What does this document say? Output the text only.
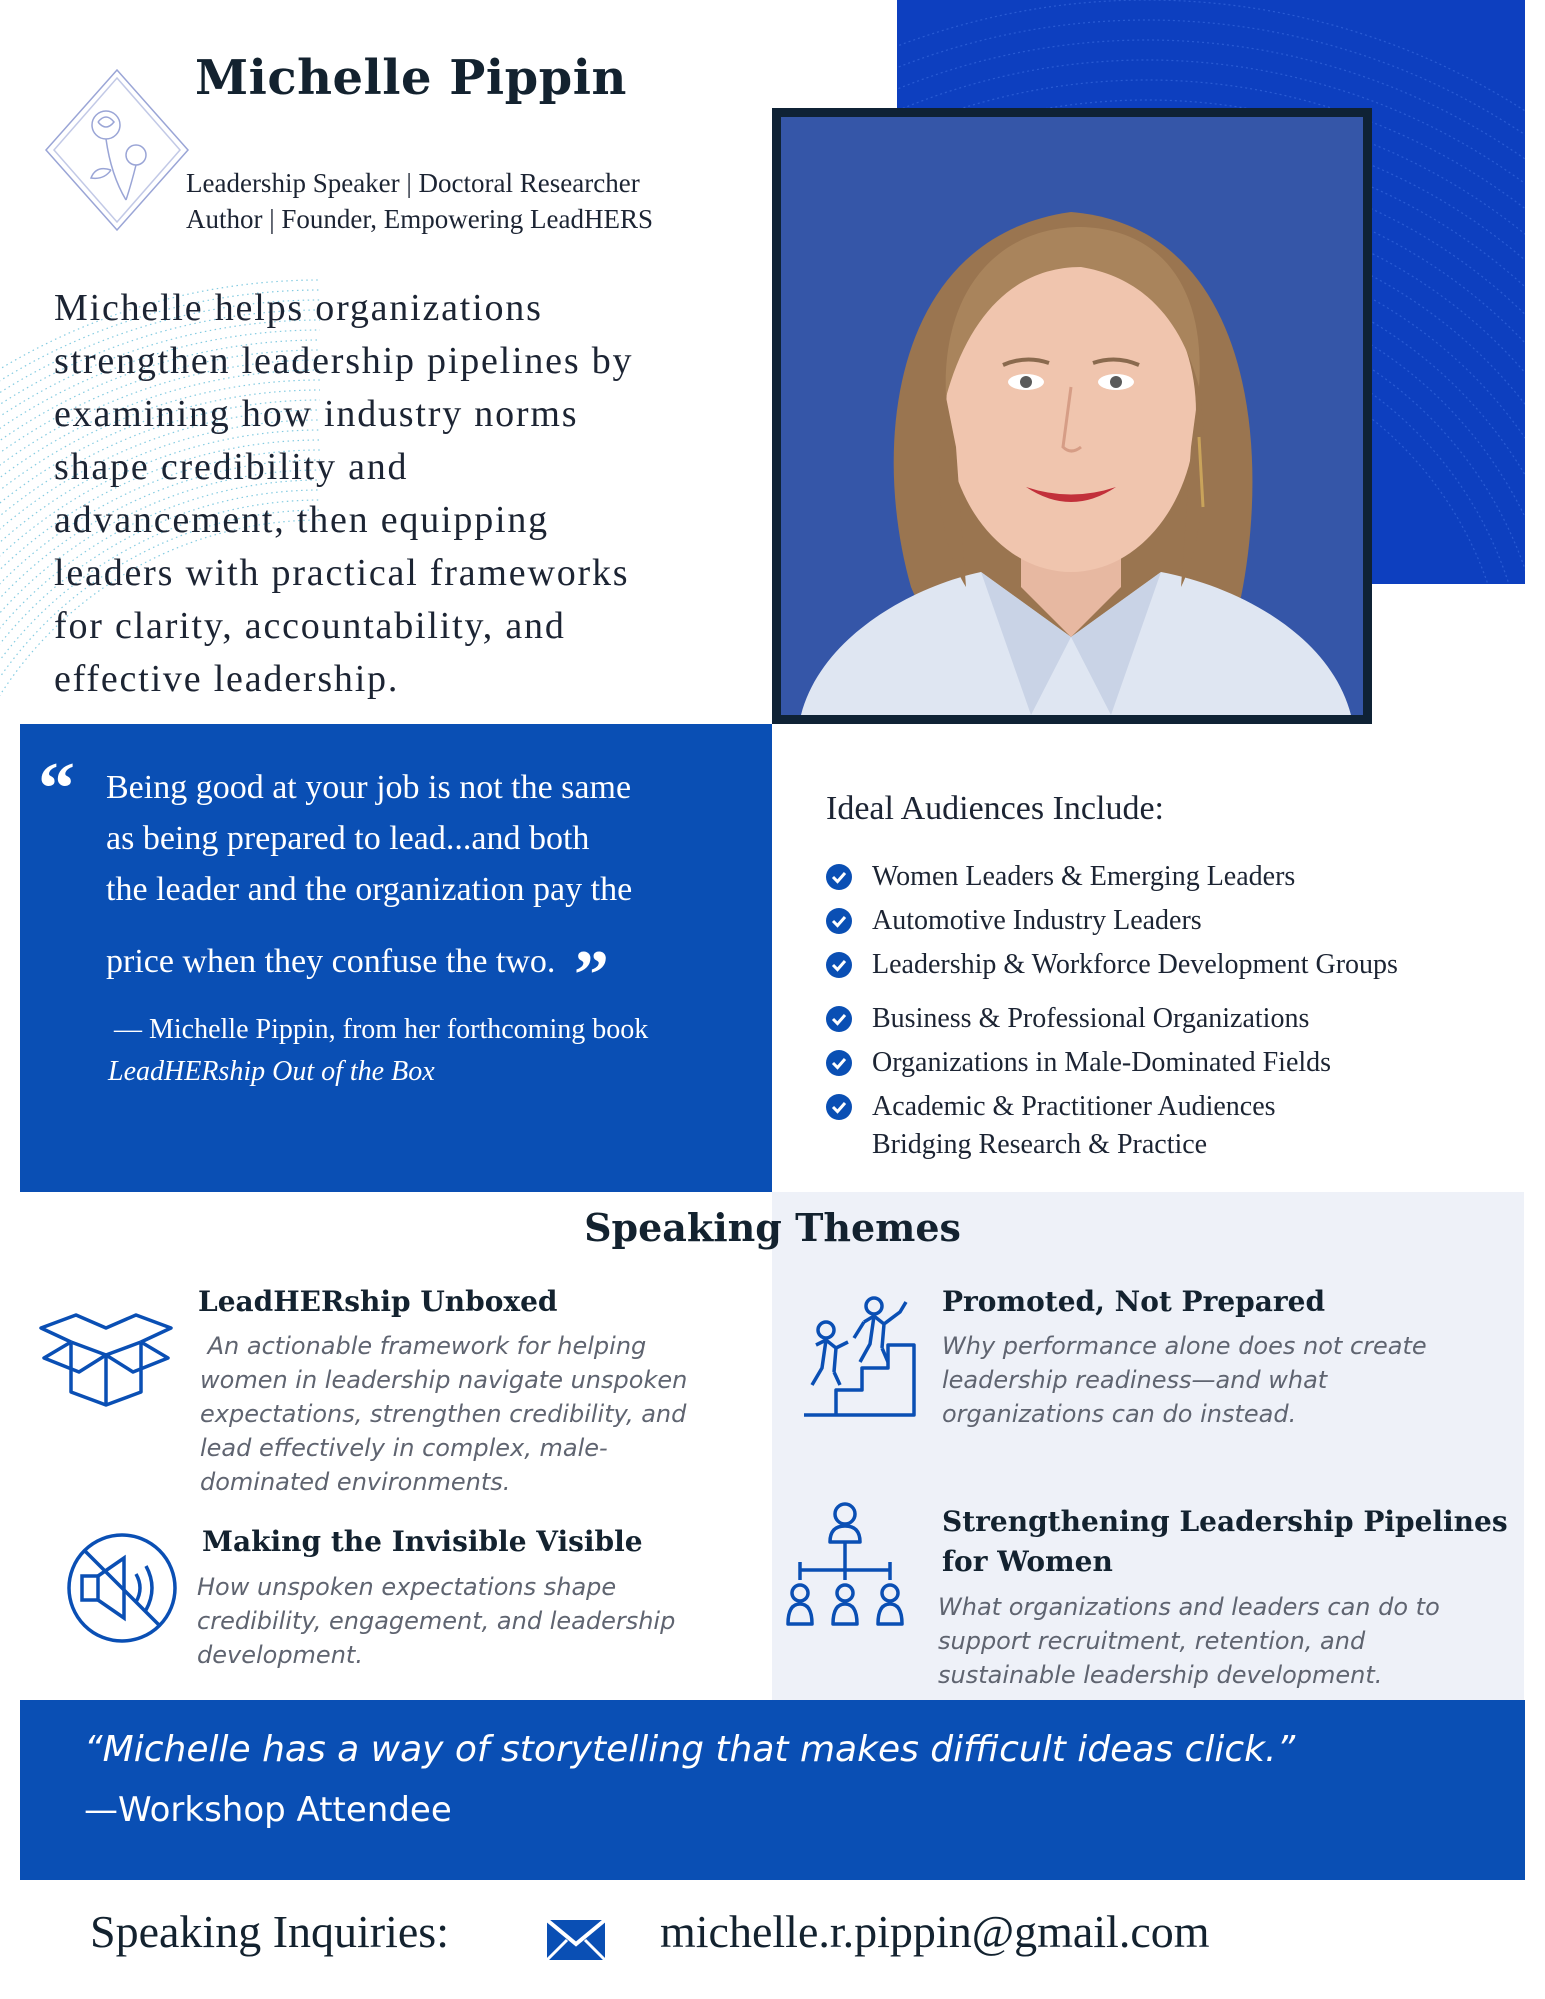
Michelle Pippin
Leadership Speaker | Doctoral Researcher
Author | Founder, Empowering LeadHERS
Michelle helps organizations
strengthen leadership pipelines by
examining how industry norms
shape credibility and
advancement, then equipping
leaders with practical frameworks
for clarity, accountability, and
effective leadership.
“ Being good at your job is not the same
as being prepared to lead...and both
the leader and the organization pay the
price when they confuse the two. ”
— Michelle Pippin, from her forthcoming book
LeadHERship Out of the Box
Ideal Audiences Include:
Women Leaders & Emerging Leaders
Automotive Industry Leaders
Leadership & Workforce Development Groups
Business & Professional Organizations
Organizations in Male-Dominated Fields
Academic & Practitioner Audiences
Bridging Research & Practice
Speaking Themes
LeadHERship Unboxed
An actionable framework for helping
women in leadership navigate unspoken
expectations, strengthen credibility, and
lead effectively in complex, male-
dominated environments.
Making the Invisible Visible
How unspoken expectations shape
credibility, engagement, and leadership
development.
Promoted, Not Prepared
Why performance alone does not create
leadership readiness—and what
organizations can do instead.
Strengthening Leadership Pipelines
for Women
What organizations and leaders can do to
support recruitment, retention, and
sustainable leadership development.
“Michelle has a way of storytelling that makes difficult ideas click.”
—Workshop Attendee
Speaking Inquiries:	michelle.r.pippin@gmail.com
